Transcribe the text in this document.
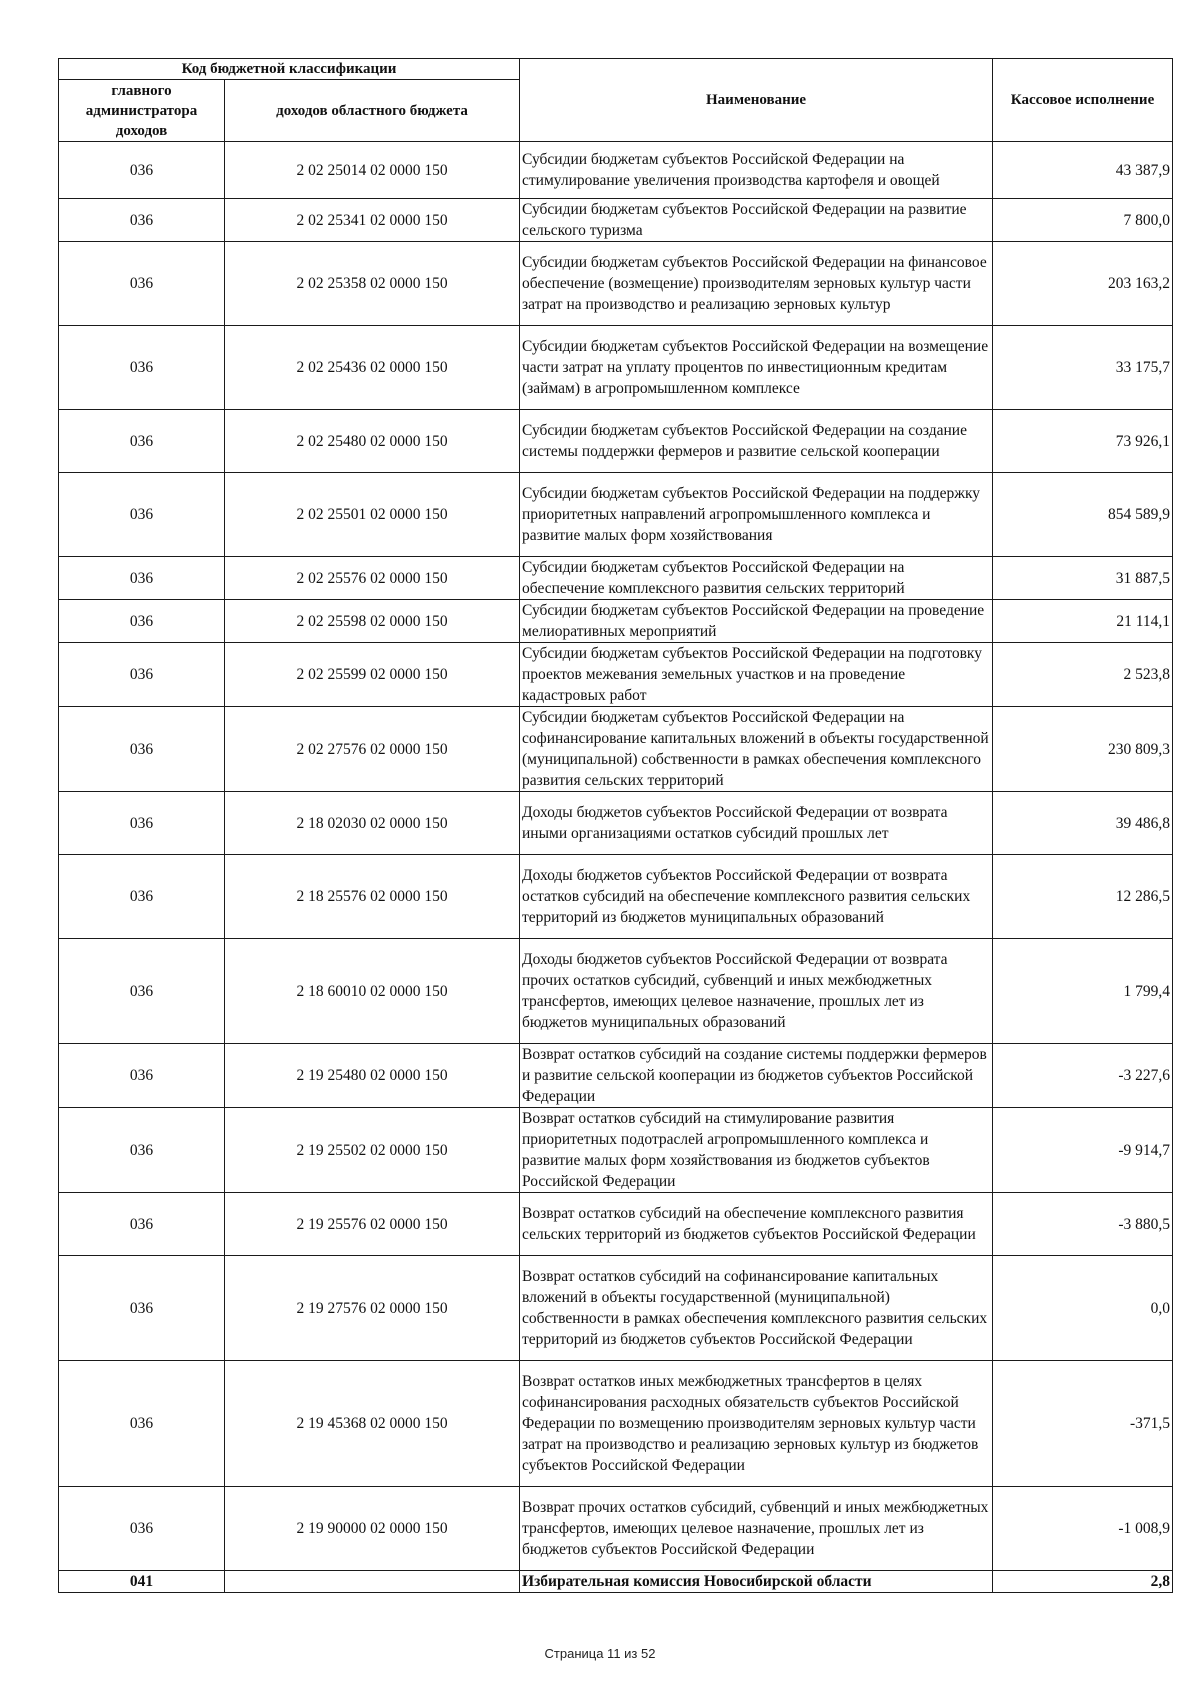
Код бюджетной классификации		Наименование	Кассовое исполнение
главного администратора доходов	доходов областного бюджета		
036	2 02 25014 02 0000 150	Субсидии бюджетам субъектов Российской Федерации на стимулирование увеличения производства картофеля и овощей	43 387,9
036	2 02 25341 02 0000 150	Субсидии бюджетам субъектов Российской Федерации на развитие сельского туризма	7 800,0
036	2 02 25358 02 0000 150	Субсидии бюджетам субъектов Российской Федерации на финансовое обеспечение (возмещение) производителям зерновых культур части затрат на производство и реализацию зерновых культур	203 163,2
036	2 02 25436 02 0000 150	Субсидии бюджетам субъектов Российской Федерации на возмещение части затрат на уплату процентов по инвестиционным кредитам (займам) в агропромышленном комплексе	33 175,7
036	2 02 25480 02 0000 150	Субсидии бюджетам субъектов Российской Федерации на создание системы поддержки фермеров и развитие сельской кооперации	73 926,1
036	2 02 25501 02 0000 150	Субсидии бюджетам субъектов Российской Федерации на поддержку приоритетных направлений агропромышленного комплекса и развитие малых форм хозяйствования	854 589,9
036	2 02 25576 02 0000 150	Субсидии бюджетам субъектов Российской Федерации на обеспечение комплексного развития сельских территорий	31 887,5
036	2 02 25598 02 0000 150	Субсидии бюджетам субъектов Российской Федерации на проведение мелиоративных мероприятий	21 114,1
036	2 02 25599 02 0000 150	Субсидии бюджетам субъектов Российской Федерации на подготовку проектов межевания земельных участков и на проведение кадастровых работ	2 523,8
036	2 02 27576 02 0000 150	Субсидии бюджетам субъектов Российской Федерации на софинансирование капитальных вложений в объекты государственной (муниципальной) собственности в рамках обеспечения комплексного развития сельских территорий	230 809,3
036	2 18 02030 02 0000 150	Доходы бюджетов субъектов Российской Федерации от возврата иными организациями остатков субсидий прошлых лет	39 486,8
036	2 18 25576 02 0000 150	Доходы бюджетов субъектов Российской Федерации от возврата остатков субсидий на обеспечение комплексного развития сельских территорий из бюджетов муниципальных образований	12 286,5
036	2 18 60010 02 0000 150	Доходы бюджетов субъектов Российской Федерации от возврата прочих остатков субсидий, субвенций и иных межбюджетных трансфертов, имеющих целевое назначение, прошлых лет из бюджетов муниципальных образований	1 799,4
036	2 19 25480 02 0000 150	Возврат остатков субсидий на создание системы поддержки фермеров и развитие сельской кооперации из бюджетов субъектов Российской Федерации	-3 227,6
036	2 19 25502 02 0000 150	Возврат остатков субсидий на стимулирование развития приоритетных подотраслей агропромышленного комплекса и развитие малых форм хозяйствования из бюджетов субъектов Российской Федерации	-9 914,7
036	2 19 25576 02 0000 150	Возврат остатков субсидий на обеспечение комплексного развития сельских территорий из бюджетов субъектов Российской Федерации	-3 880,5
036	2 19 27576 02 0000 150	Возврат остатков субсидий на софинансирование капитальных вложений в объекты государственной (муниципальной) собственности в рамках обеспечения комплексного развития сельских территорий из бюджетов субъектов Российской Федерации	0,0
036	2 19 45368 02 0000 150	Возврат остатков иных межбюджетных трансфертов в целях софинансирования расходных обязательств субъектов Российской Федерации по возмещению производителям зерновых культур части затрат на производство и реализацию зерновых культур из бюджетов субъектов Российской Федерации	-371,5
036	2 19 90000 02 0000 150	Возврат прочих остатков субсидий, субвенций и иных межбюджетных трансфертов, имеющих целевое назначение, прошлых лет из бюджетов субъектов Российской Федерации	-1 008,9
041		Избирательная комиссия Новосибирской области	2,8
Страница 11 из 52
